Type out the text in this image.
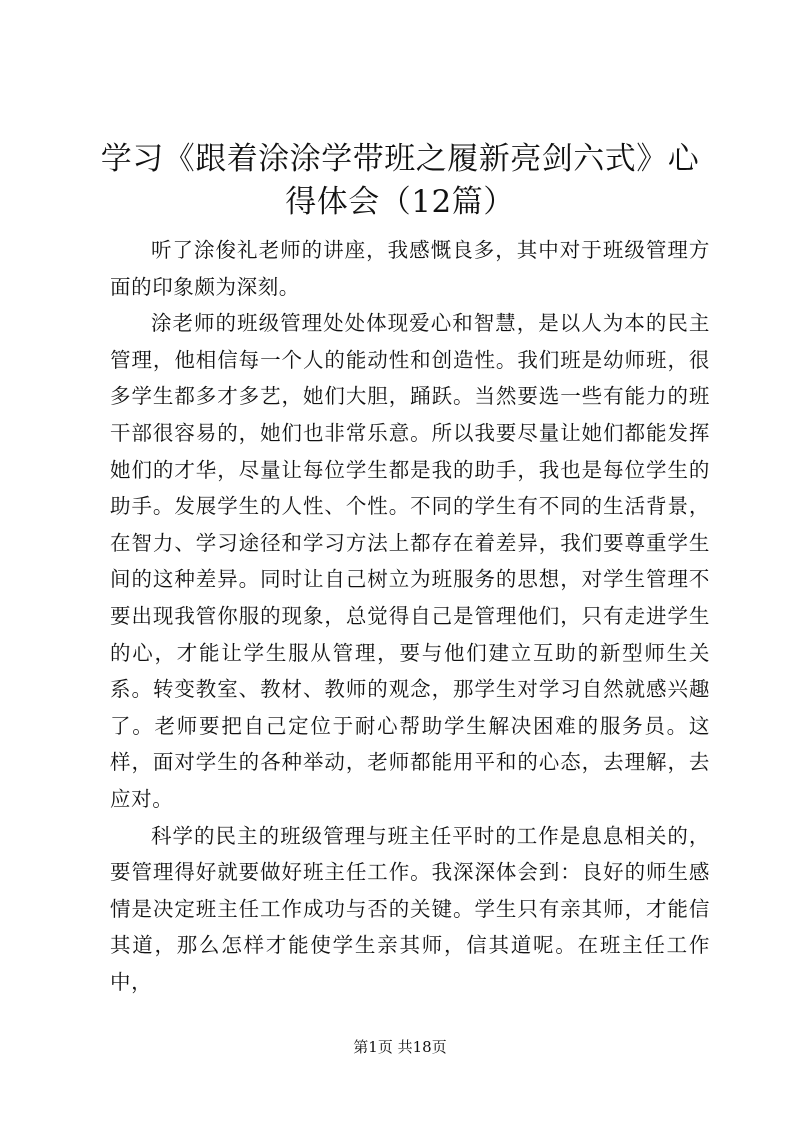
学习《跟着涂涂学带班之履新亮剑六式》心得体会（12篇）

听了涂俊礼老师的讲座，我感慨良多，其中对于班级管理方面的印象颇为深刻。

涂老师的班级管理处处体现爱心和智慧，是以人为本的民主管理，他相信每一个人的能动性和创造性。我们班是幼师班，很多学生都多才多艺，她们大胆，踊跃。当然要选一些有能力的班干部很容易的，她们也非常乐意。所以我要尽量让她们都能发挥她们的才华，尽量让每位学生都是我的助手，我也是每位学生的助手。发展学生的人性、个性。不同的学生有不同的生活背景，在智力、学习途径和学习方法上都存在着差异，我们要尊重学生间的这种差异。同时让自己树立为班服务的思想，对学生管理不要出现我管你服的现象，总觉得自己是管理他们，只有走进学生的心，才能让学生服从管理，要与他们建立互助的新型师生关系。转变教室、教材、教师的观念，那学生对学习自然就感兴趣了。老师要把自己定位于耐心帮助学生解决困难的服务员。这样，面对学生的各种举动，老师都能用平和的心态，去理解，去应对。

科学的民主的班级管理与班主任平时的工作是息息相关的，要管理得好就要做好班主任工作。我深深体会到：良好的师生感情是决定班主任工作成功与否的关键。学生只有亲其师，才能信其道，那么怎样才能使学生亲其师，信其道呢。在班主任工作中，

第1页 共18页
